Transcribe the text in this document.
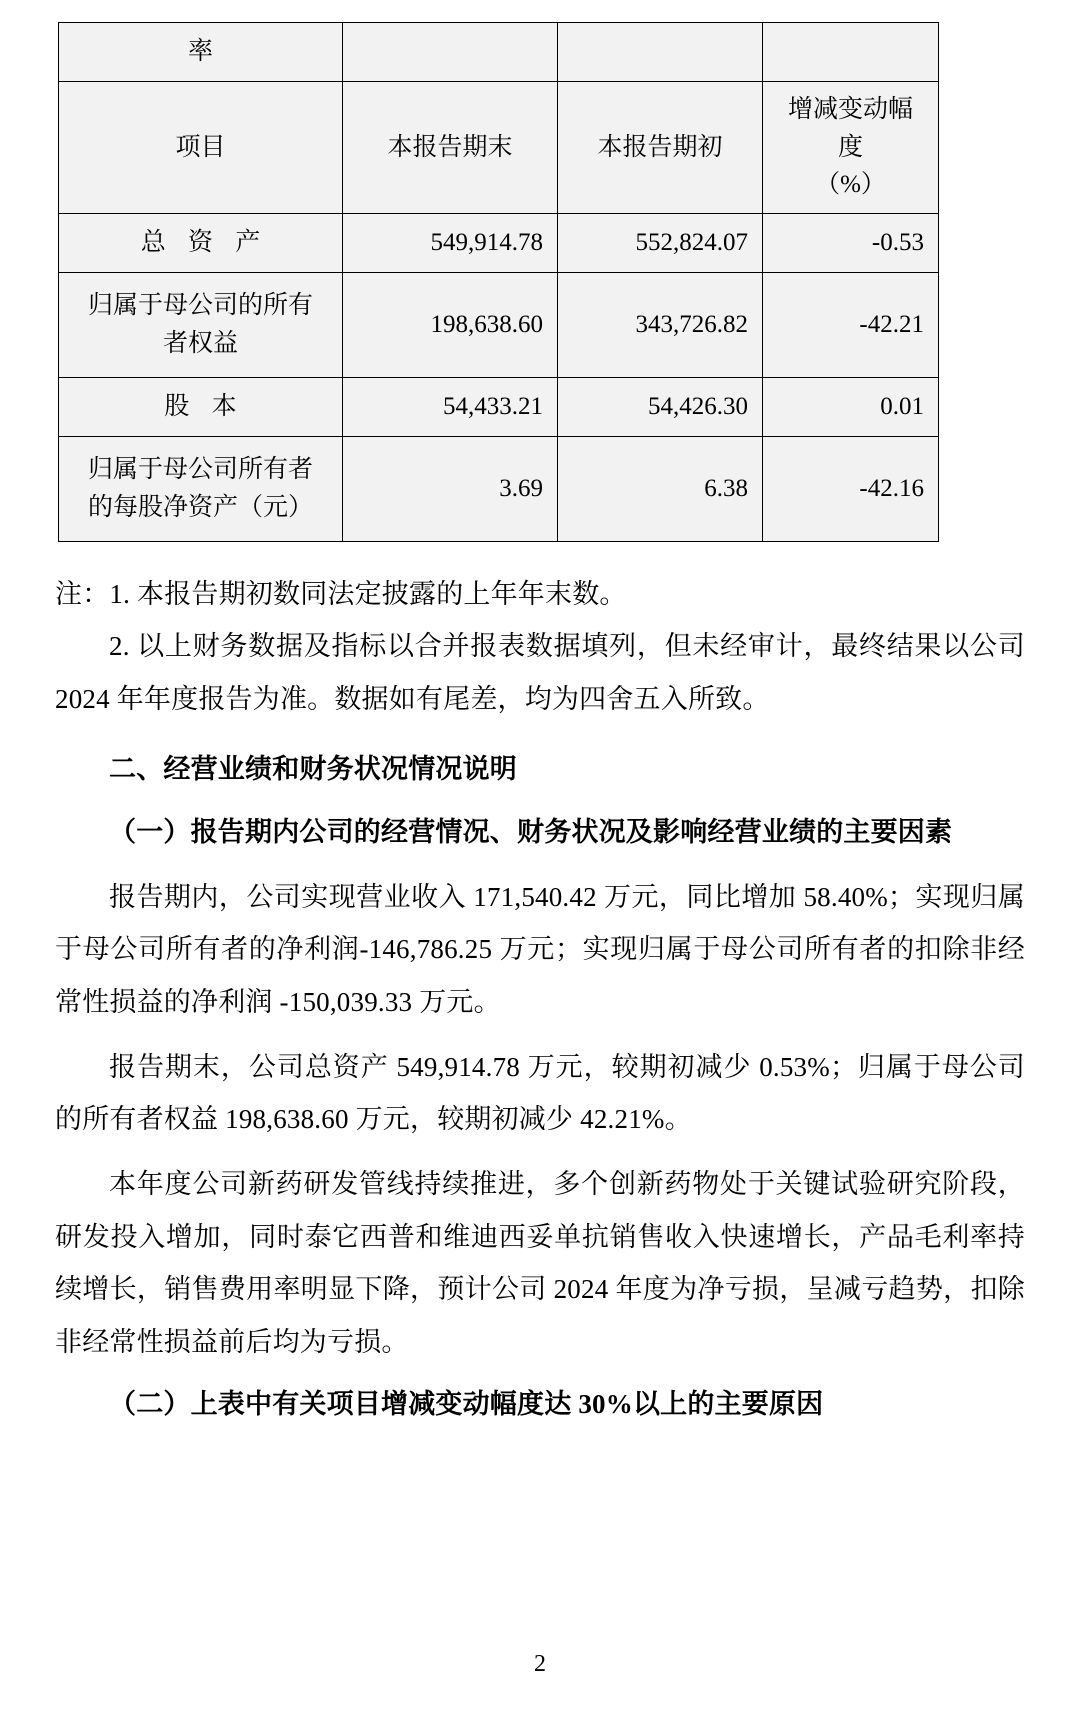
率			
项目	本报告期末	本报告期初	增减变动幅度
（%）

总 资 产	549,914.78	552,824.07	-0.53

归属于母公司的所有
者权益	198,638.60	343,726.82	-42.21
股 本	54,433.21	54,426.30	0.01

归属于母公司所有者
的每股净资产（元）	3.69	6.38	-42.16

注：1. 本报告期初数同法定披露的上年年末数。

2. 以上财务数据及指标以合并报表数据填列，但未经审计，最终结果以公司 2024 年年度报告为准。数据如有尾差，均为四舍五入所致。

二、经营业绩和财务状况情况说明

（一）报告期内公司的经营情况、财务状况及影响经营业绩的主要因素

报告期内，公司实现营业收入 171,540.42 万元，同比增加 58.40%；实现归属于母公司所有者的净利润-146,786.25 万元；实现归属于母公司所有者的扣除非经常性损益的净利润 -150,039.33 万元。

报告期末，公司总资产 549,914.78 万元，较期初减少 0.53%；归属于母公司的所有者权益 198,638.60 万元，较期初减少 42.21%。

本年度公司新药研发管线持续推进，多个创新药物处于关键试验研究阶段，研发投入增加，同时泰它西普和维迪西妥单抗销售收入快速增长，产品毛利率持续增长，销售费用率明显下降，预计公司 2024 年度为净亏损，呈减亏趋势，扣除非经常性损益前后均为亏损。

（二）上表中有关项目增减变动幅度达 30%以上的主要原因

2
